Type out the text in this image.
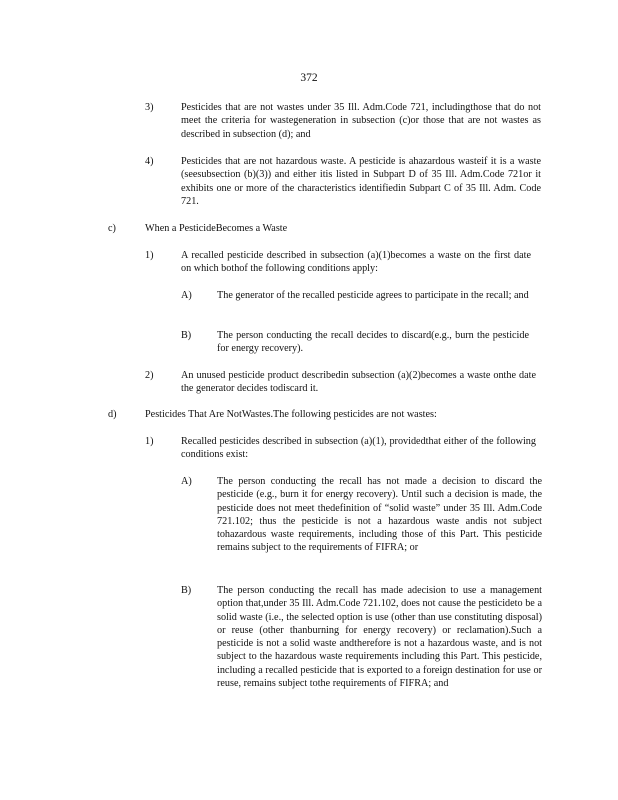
372
3)	Pesticides that are not wastes under 35 Ill. Adm.Code 721, includingthose that do not meet the criteria for wastegeneration in subsection (c)or those that are not wastes as described in subsection (d); and
4)	Pesticides that are not hazardous waste. A pesticide is ahazardous wasteif it is a waste (seesubsection (b)(3)) and either itis listed in Subpart D of 35 Ill. Adm.Code 721or it exhibits one or more of the characteristics identifiedin Subpart C of 35 Ill. Adm. Code 721.
c)	When a PesticideBecomes a Waste
1)	A recalled pesticide described in subsection (a)(1)becomes a waste on the first date on which bothof the following conditions apply:
A) The generator of the recalled pesticide agrees to participate in the recall; and
B)	The person conducting the recall decides to discard(e.g., burn the pesticide for energy recovery).
2)	An unused pesticide product describedin subsection (a)(2)becomes a waste onthe date the generator decides todiscard it.
d)	Pesticides That Are NotWastes.The following pesticides are not wastes:
1)	Recalled pesticides described in subsection (a)(1), providedthat either of the following conditions exist:
A) The person conducting the recall has not made a decision to discard the pesticide (e.g., burn it for energy recovery). Until such a decision is made, the pesticide does not meet thedefinition of “solid waste” under 35 Ill. Adm.Code 721.102; thus the pesticide is not a hazardous waste andis not subject tohazardous waste requirements, including those of this Part. This pesticide remains subject to the requirements of FIFRA; or
B)	The person conducting the recall has made adecision to use a management option that,under 35 Ill. Adm.Code 721.102, does not cause the pesticideto be a solid waste (i.e., the selected option is use (other than use constituting disposal) or reuse (other thanburning for energy recovery) or reclamation).Such a pesticide is not a solid waste andtherefore is not a hazardous waste, and is not subject to the hazardous waste requirements including this Part. This pesticide, including a recalled pesticide that is exported to a foreign destination for use or reuse, remains subject tothe requirements of FIFRA; and
